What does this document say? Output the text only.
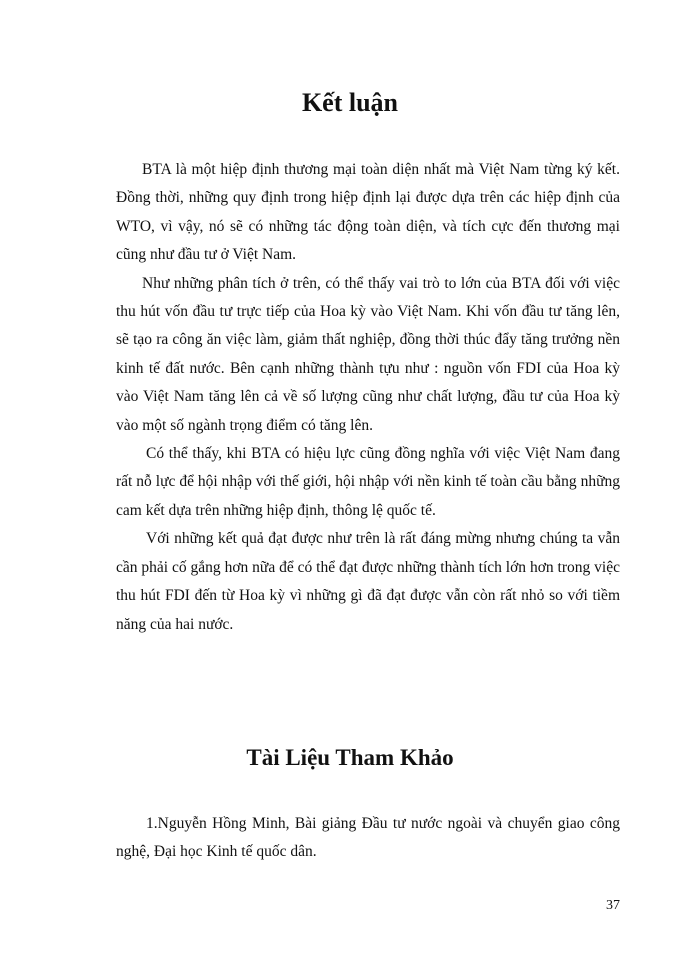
Kết luận

BTA là một hiệp định thương mại toàn diện nhất mà Việt Nam từng ký kết. Đồng thời, những quy định trong hiệp định lại được dựa trên các hiệp định của WTO, vì vậy, nó sẽ có những tác động toàn diện, và tích cực đến thương mại cũng như đầu tư ở Việt Nam.

Như những phân tích ở trên, có thể thấy vai trò to lớn của BTA đối với việc thu hút vốn đầu tư trực tiếp của Hoa kỳ vào Việt Nam. Khi vốn đầu tư tăng lên, sẽ tạo ra công ăn việc làm, giảm thất nghiệp, đồng thời thúc đẩy tăng trưởng nền kinh tế đất nước. Bên cạnh những thành tựu như : nguồn vốn FDI của Hoa kỳ vào Việt Nam tăng lên cả về số lượng cũng như chất lượng, đầu tư của Hoa kỳ vào một số ngành trọng điểm có tăng lên.

Có thể thấy, khi BTA có hiệu lực cũng đồng nghĩa với việc Việt Nam đang rất nỗ lực để hội nhập với thế giới, hội nhập với nền kinh tế toàn cầu bằng những cam kết dựa trên những hiệp định, thông lệ quốc tế.

Với những kết quả đạt được như trên là rất đáng mừng nhưng chúng ta vẫn cần phải cố gắng hơn nữa để có thể đạt được những thành tích lớn hơn trong việc thu hút FDI đến từ Hoa kỳ vì những gì đã đạt được vẫn còn rất nhỏ so với tiềm năng của hai nước.

Tài Liệu Tham Khảo

1.Nguyễn Hồng Minh, Bài giảng Đầu tư nước ngoài và chuyển giao công nghệ, Đại học Kinh tế quốc dân.

37
